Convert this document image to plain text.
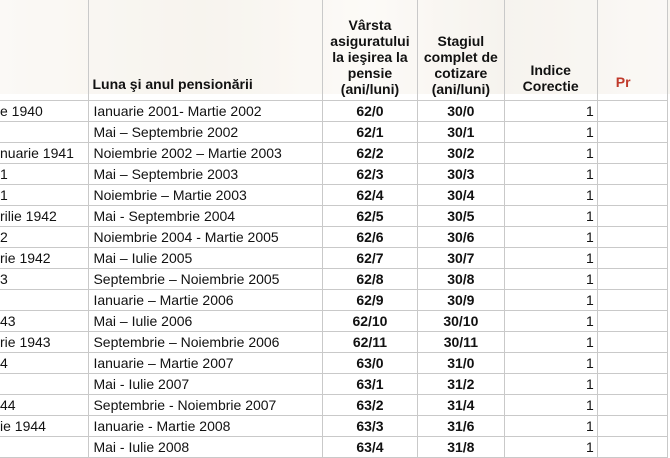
	Luna şi anul pensionării	Vârsta asiguratului la ieşirea la pensie (ani/luni)	Stagiul complet de cotizare (ani/luni)	Indice Corectie	Pr
e 1940	Ianuarie 2001- Martie 2002	62/0	30/0	1	
	Mai – Septembrie 2002	62/1	30/1	1	
nuarie 1941	Noiembrie 2002 – Martie 2003	62/2	30/2	1	
1	Mai – Septembrie 2003	62/3	30/3	1	
1	Noiembrie – Martie 2003	62/4	30/4	1	
rilie 1942	Mai - Septembrie 2004	62/5	30/5	1	
2	Noiembrie 2004 - Martie 2005	62/6	30/6	1	
rie 1942	Mai – Iulie 2005	62/7	30/7	1	
3	Septembrie – Noiembrie 2005	62/8	30/8	1	
	Ianuarie – Martie 2006	62/9	30/9	1	
43	Mai – Iulie 2006	62/10	30/10	1	
rie 1943	Septembrie – Noiembrie 2006	62/11	30/11	1	
4	Ianuarie – Martie 2007	63/0	31/0	1	
	Mai - Iulie 2007	63/1	31/2	1	
44	Septembrie - Noiembrie 2007	63/2	31/4	1	
ie 1944	Ianuarie - Martie 2008	63/3	31/6	1	
	Mai - Iulie 2008	63/4	31/8	1	
